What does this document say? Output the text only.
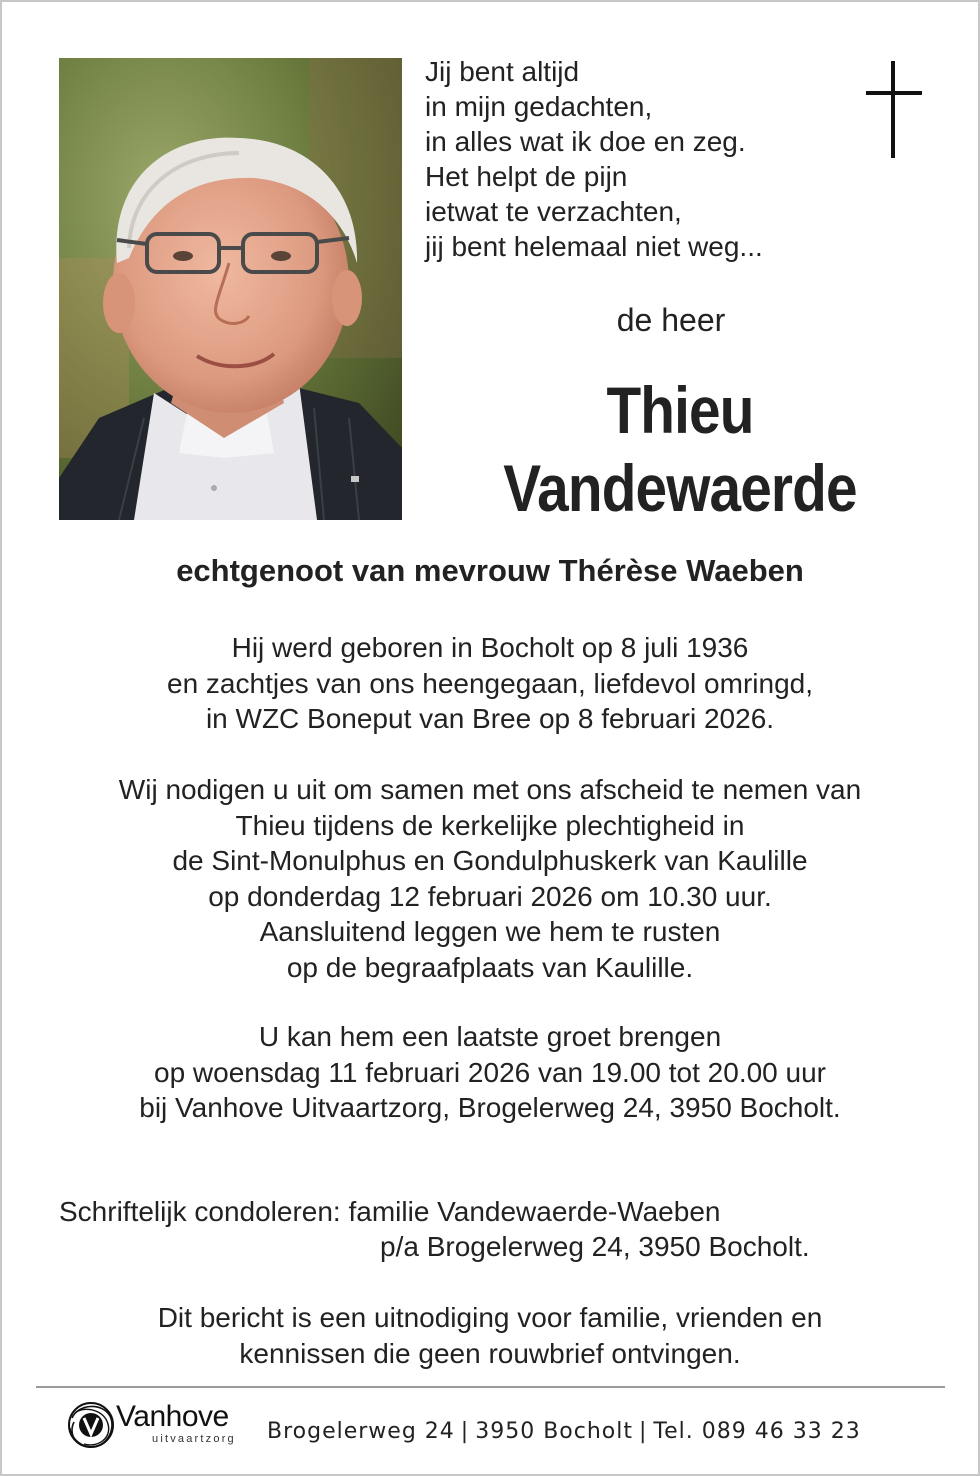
Jij bent altijd
in mijn gedachten,
in alles wat ik doe en zeg.
Het helpt de pijn
ietwat te verzachten,
jij bent helemaal niet weg...
de heer
Thieu
Vandewaerde
echtgenoot van mevrouw Thérèse Waeben
Hij werd geboren in Bocholt op 8 juli 1936
en zachtjes van ons heengegaan, liefdevol omringd,
in WZC Boneput van Bree op 8 februari 2026.
Wij nodigen u uit om samen met ons afscheid te nemen van
Thieu tijdens de kerkelijke plechtigheid in
de Sint-Monulphus en Gondulphuskerk van Kaulille
op donderdag 12 februari 2026 om 10.30 uur.
Aansluitend leggen we hem te rusten
op de begraafplaats van Kaulille.
U kan hem een laatste groet brengen
op woensdag 11 februari 2026 van 19.00 tot 20.00 uur
bij Vanhove Uitvaartzorg, Brogelerweg 24, 3950 Bocholt.
Schriftelijk condoleren: familie Vandewaerde-Waeben
p/a Brogelerweg 24, 3950 Bocholt.
Dit bericht is een uitnodiging voor familie, vrienden en
kennissen die geen rouwbrief ontvingen.
Vanhove
uitvaartzorg Brogelerweg 24 | 3950 Bocholt | Tel. 089 46 33 23
